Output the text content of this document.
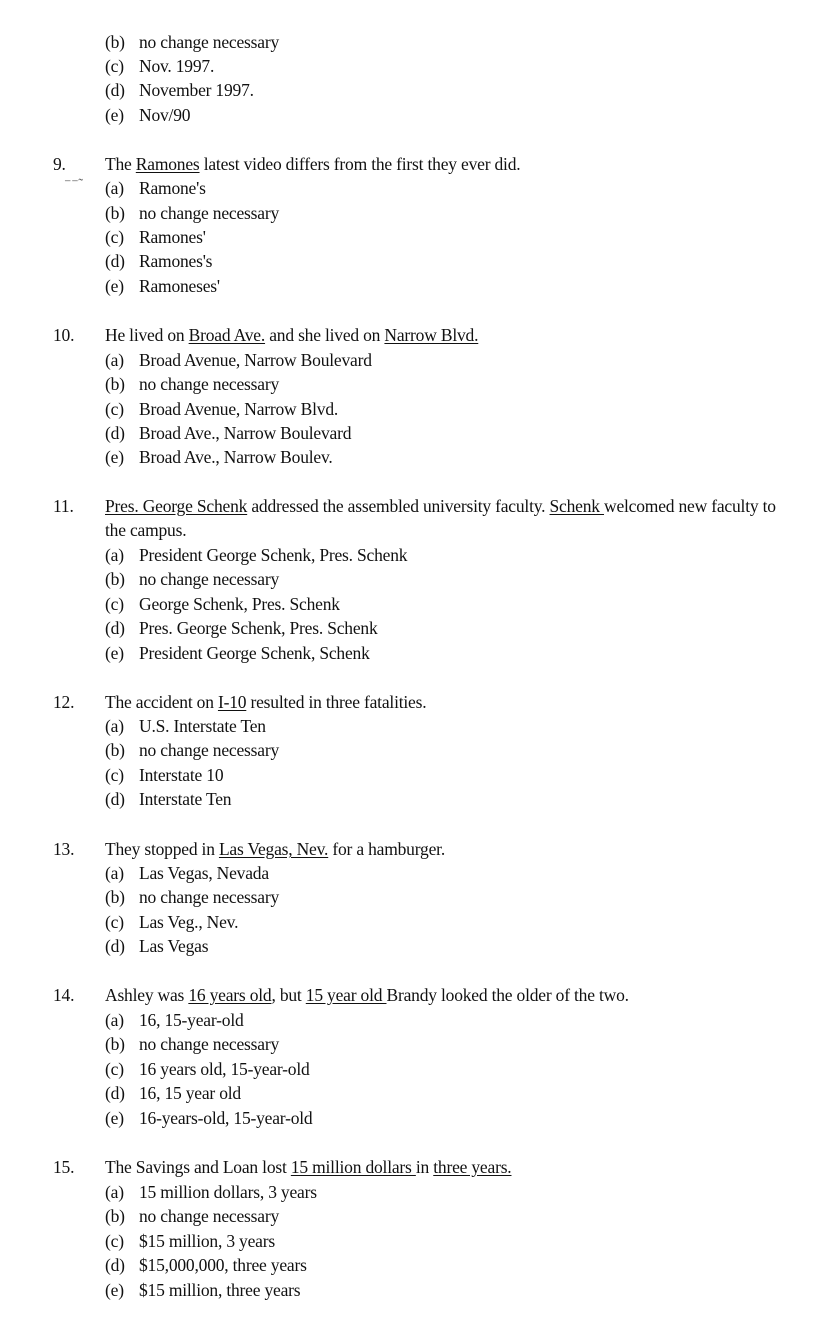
(b) no change necessary
(c) Nov. 1997.
(d) November 1997.
(e) Nov/90
9. The Ramones latest video differs from the first they ever did.
⁻⁻˜ (a) Ramone's
(b) no change necessary
(c) Ramones'
(d) Ramones's
(e) Ramoneses'
10. He lived on Broad Ave. and she lived on Narrow Blvd.
(a) Broad Avenue, Narrow Boulevard
(b) no change necessary
(c) Broad Avenue, Narrow Blvd.
(d) Broad Ave., Narrow Boulevard
(e) Broad Ave., Narrow Boulev.
11. Pres. George Schenk addressed the assembled university faculty. Schenk welcomed new faculty to the campus.
(a) President George Schenk, Pres. Schenk
(b) no change necessary
(c) George Schenk, Pres. Schenk
(d) Pres. George Schenk, Pres. Schenk
(e) President George Schenk, Schenk
12. The accident on I-10 resulted in three fatalities.
(a) U.S. Interstate Ten
(b) no change necessary
(c) Interstate 10
(d) Interstate Ten
13. They stopped in Las Vegas, Nev. for a hamburger.
(a) Las Vegas, Nevada
(b) no change necessary
(c) Las Veg., Nev.
(d) Las Vegas
14. Ashley was 16 years old, but 15 year old Brandy looked the older of the two.
(a) 16, 15-year-old
(b) no change necessary
(c) 16 years old, 15-year-old
(d) 16, 15 year old
(e) 16-years-old, 15-year-old
15. The Savings and Loan lost 15 million dollars in three years.
(a) 15 million dollars, 3 years
(b) no change necessary
(c) $15 million, 3 years
(d) $15,000,000, three years
(e) $15 million, three years
